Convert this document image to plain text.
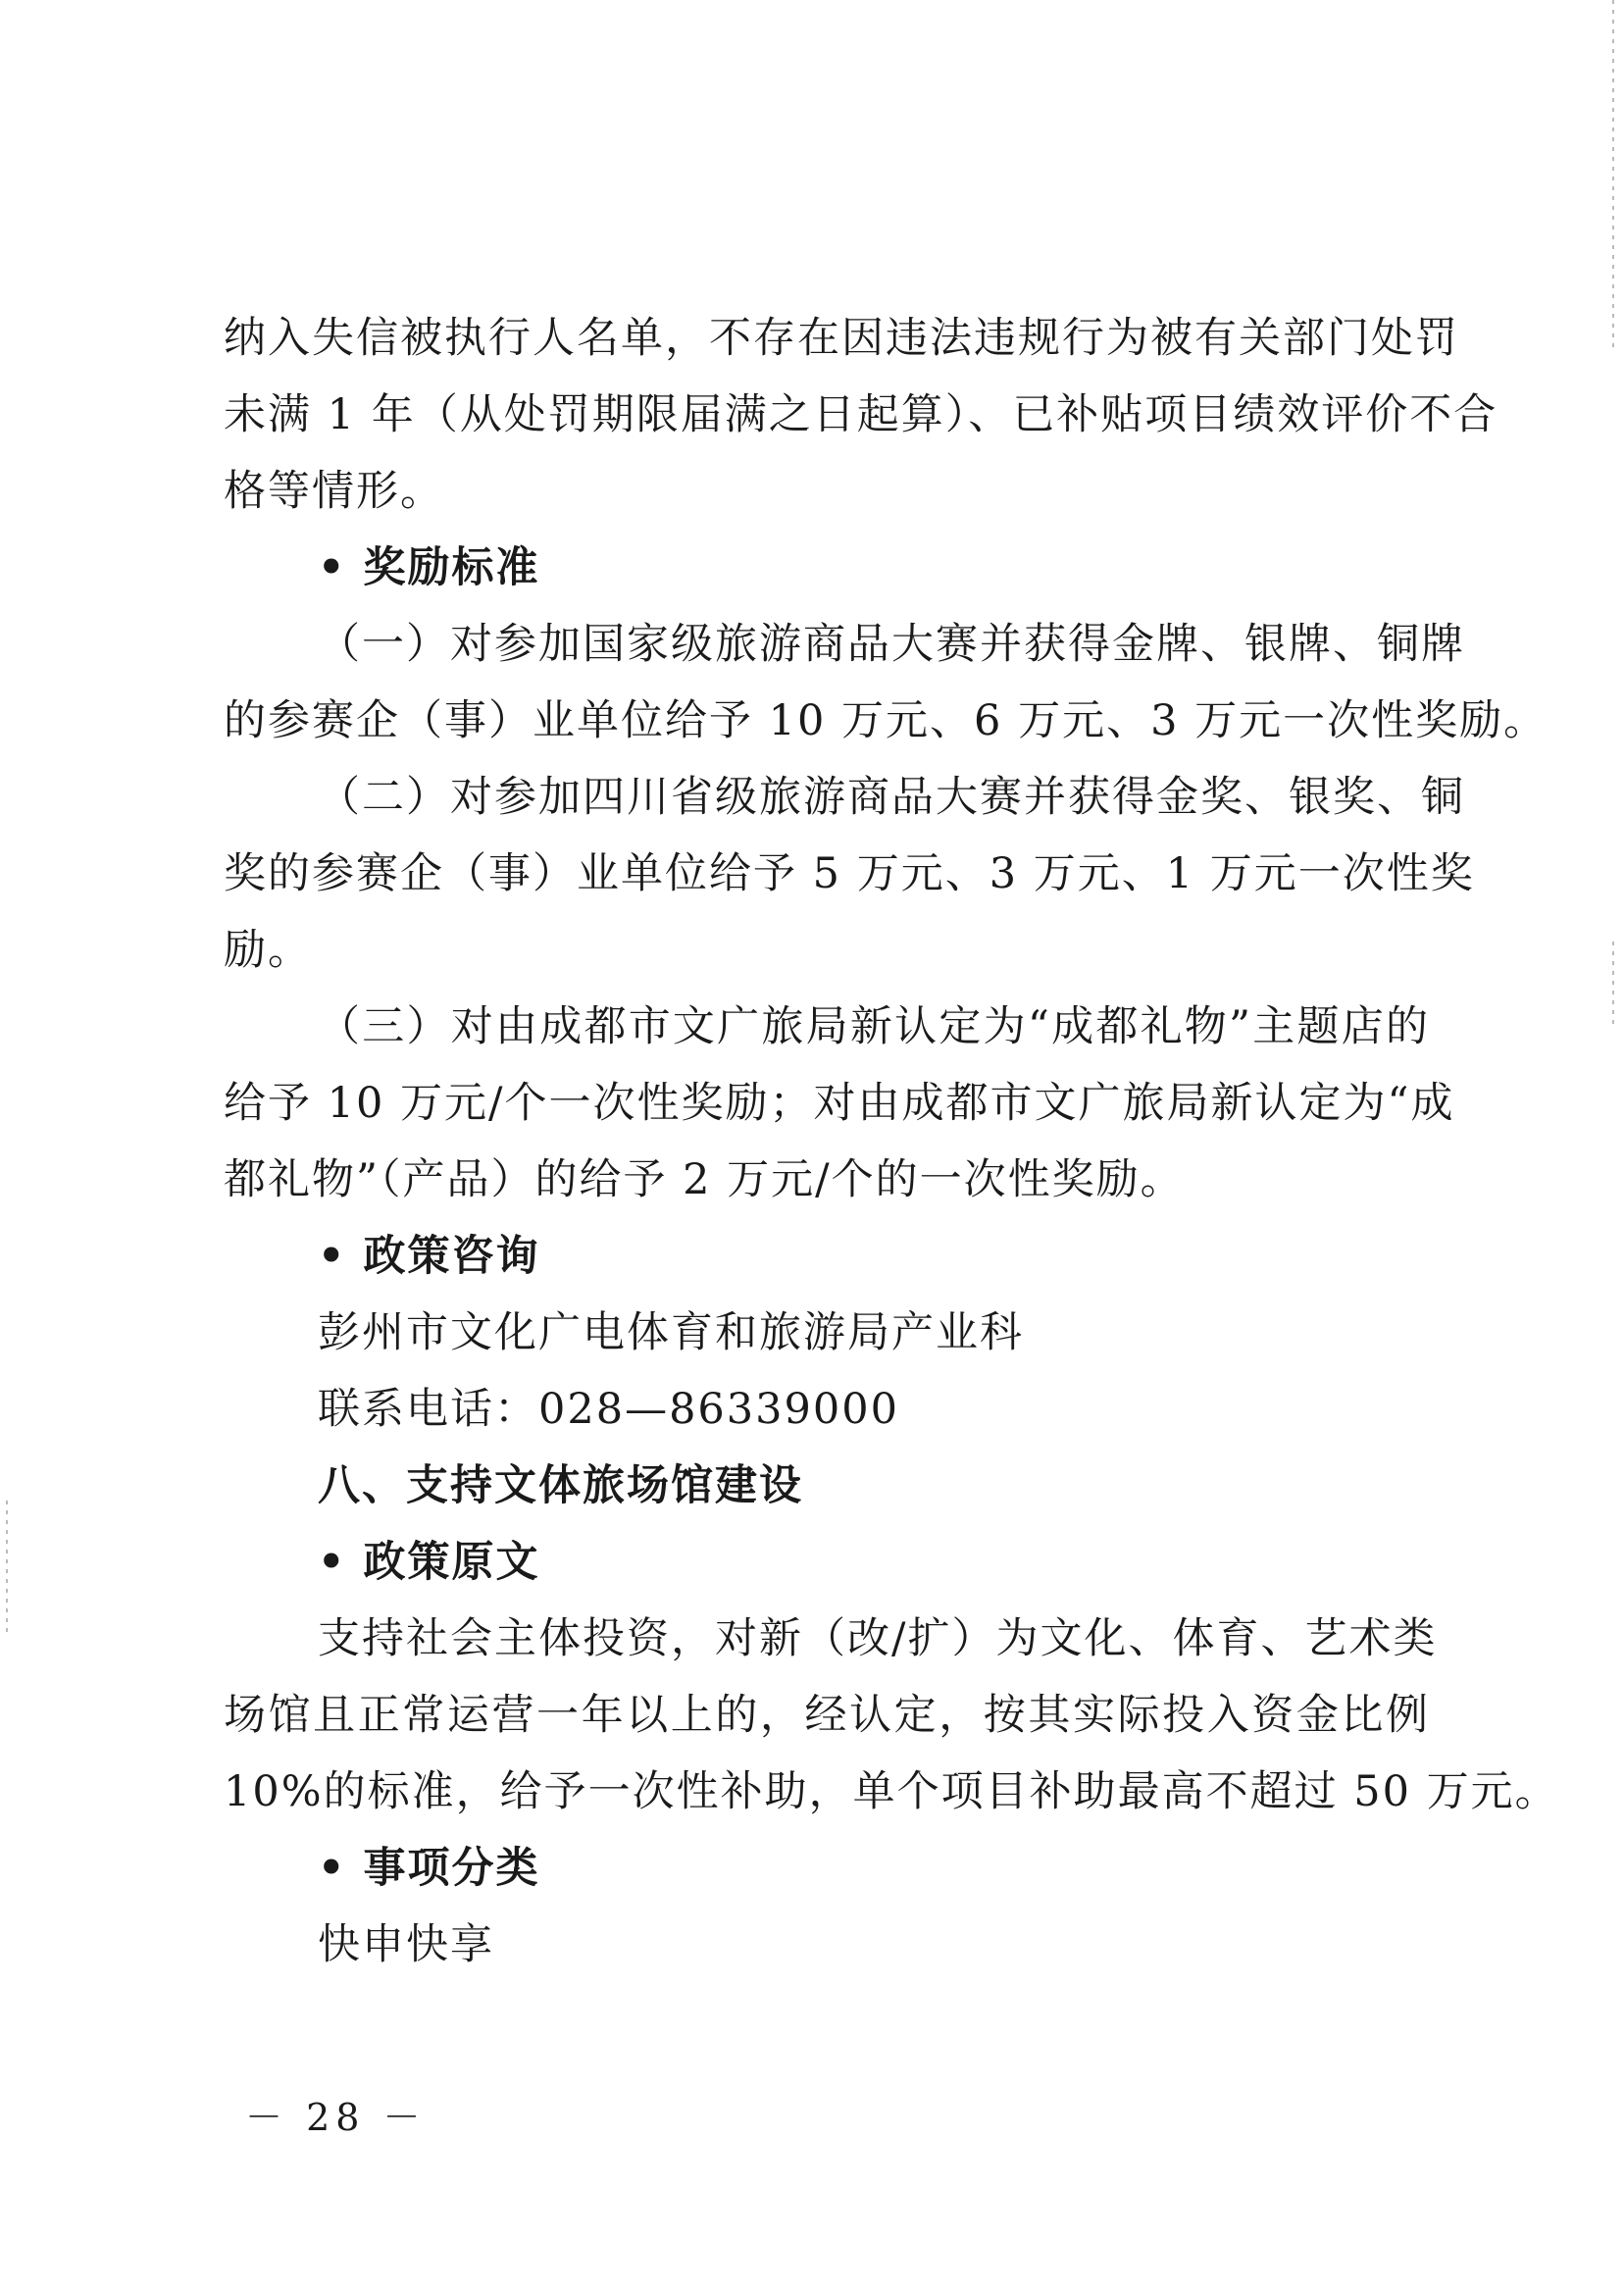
纳入失信被执行人名单，不存在因违法违规行为被有关部门处罚
未满 1 年（从处罚期限届满之日起算）、已补贴项目绩效评价不合
格等情形。
• 奖励标准
（一）对参加国家级旅游商品大赛并获得金牌、银牌、铜牌
的参赛企（事）业单位给予 10 万元、6 万元、3 万元一次性奖励。
（二）对参加四川省级旅游商品大赛并获得金奖、银奖、铜
奖的参赛企（事）业单位给予 5 万元、3 万元、1 万元一次性奖
励。
（三）对由成都市文广旅局新认定为“成都礼物”主题店的
给予 10 万元/个一次性奖励；对由成都市文广旅局新认定为“成
都礼物”（产品）的给予 2 万元/个的一次性奖励。
• 政策咨询
彭州市文化广电体育和旅游局产业科
联系电话：028—86339000
八、支持文体旅场馆建设
• 政策原文
支持社会主体投资，对新（改/扩）为文化、体育、艺术类
场馆且正常运营一年以上的，经认定，按其实际投入资金比例
10%的标准，给予一次性补助，单个项目补助最高不超过 50 万元。
• 事项分类
快申快享
－ 28 －
